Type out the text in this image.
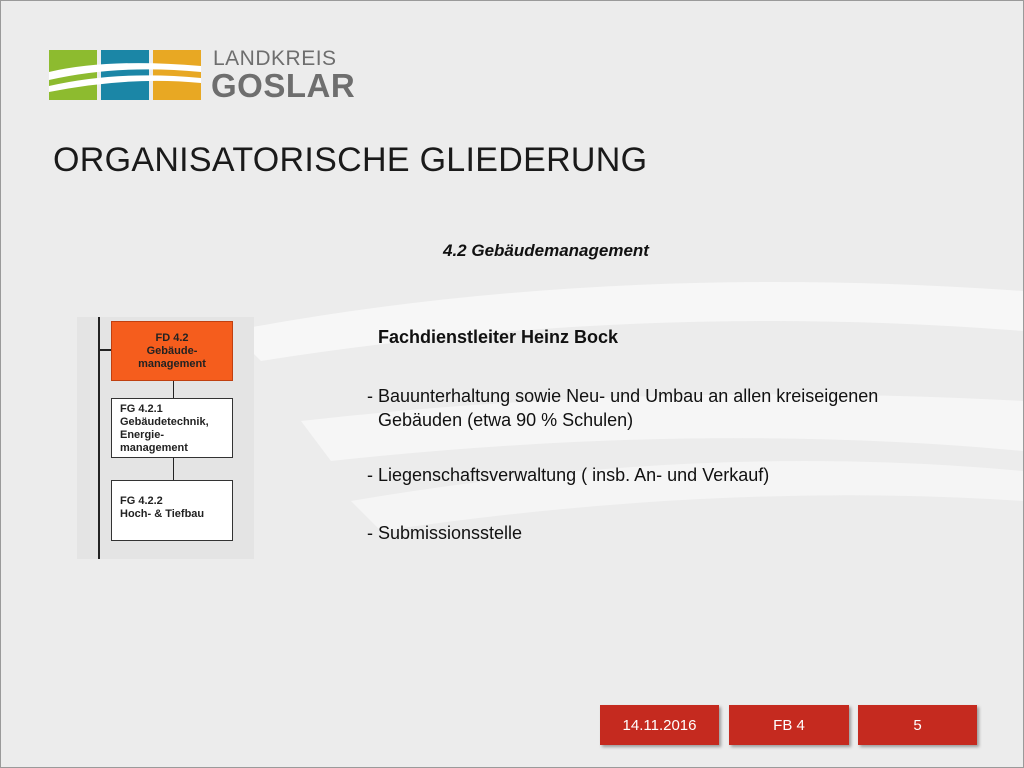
LANDKREIS
GOSLAR
ORGANISATORISCHE GLIEDERUNG
4.2 Gebäudemanagement
FD 4.2
Gebäude-
management
FG 4.2.1
Gebäudetechnik,
Energie-
management
FG 4.2.2
Hoch- & Tiefbau
Fachdienstleiter Heinz Bock
- Bauunterhaltung sowie Neu- und Umbau an allen kreiseigenen
Gebäuden (etwa 90 % Schulen)
- Liegenschaftsverwaltung ( insb. An- und Verkauf)
- Submissionsstelle
14.11.2016	FB 4	5
